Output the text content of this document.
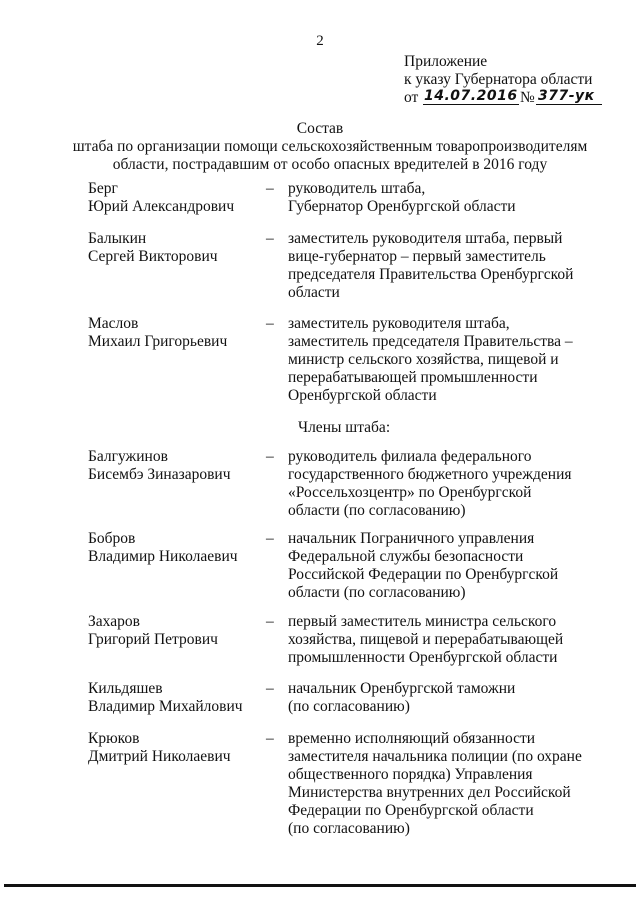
2
Приложение
к указу Губернатора области
от 14.07.2016 № 377-ук
Состав
штаба по организации помощи сельскохозяйственным товаропроизводителям
области, пострадавшим от особо опасных вредителей в 2016 году
Берг
Юрий Александрович
– руководитель штаба,
Губернатор Оренбургской области
Балыкин
Сергей Викторович
– заместитель руководителя штаба, первый
вице-губернатор – первый заместитель
председателя Правительства Оренбургской
области
Маслов
Михаил Григорьевич
– заместитель руководителя штаба,
заместитель председателя Правительства –
министр сельского хозяйства, пищевой и
перерабатывающей промышленности
Оренбургской области
Члены штаба:
Балгужинов
Бисембэ Зиназарович
– руководитель филиала федерального
государственного бюджетного учреждения
«Россельхозцентр» по Оренбургской
области (по согласованию)
Бобров
Владимир Николаевич
– начальник Пограничного управления
Федеральной службы безопасности
Российской Федерации по Оренбургской
области (по согласованию)
Захаров
Григорий Петрович
– первый заместитель министра сельского
хозяйства, пищевой и перерабатывающей
промышленности Оренбургской области
Кильдяшев
Владимир Михайлович
– начальник Оренбургской таможни
(по согласованию)
Крюков
Дмитрий Николаевич
– временно исполняющий обязанности
заместителя начальника полиции (по охране
общественного порядка) Управления
Министерства внутренних дел Российской
Федерации по Оренбургской области
(по согласованию)
